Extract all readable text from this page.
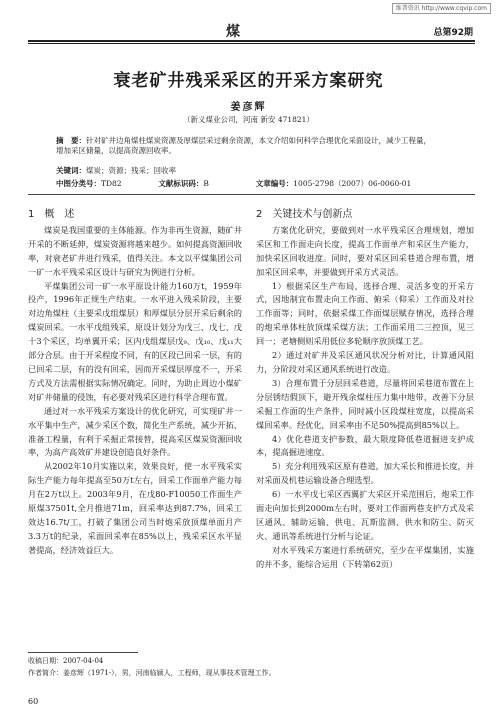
维普资讯 http://www.cqvip.com
煤	总第92期
衰老矿井残采采区的开采方案研究
姜彦辉
（新义煤业公司，河南 新安 471821）
摘　要：针对矿井边角煤柱煤炭资源及厚煤层采过剩余资源，本文介绍如何科学合理优化采面设计，减少工程量，增加采区储量，以提高资源回收率。
关键词：煤炭；资源；残采；回收率
中图分类号：TD82	文献标识码：B	文章编号：1005-2798（2007）06-0060-01
1　概　述

煤炭是我国重要的主体能源。作为非再生资源，随矿井开采的不断延伸，煤炭资源将越来越少。如何提高资源回收率，对衰老矿井进行残采，值得关注。本文以平煤集团公司一矿一水平残采采区设计与研究为例进行分析。

平煤集团公司一矿一水平原设计能力160万t，1959年投产，1996年正规生产结束。一水平进入残采阶段，主要对边角煤柱（主要采戊组煤层）和厚煤层分层开采后剩余的煤炭回采。一水平戊组残采，原设计划分为戊三、戊七、戊十3个采区，均单翼开采；区内戊组煤层戊₉、戊₁₀、戊₁₁大部分合层。由于开采程度不同，有的区段已回采一层，有的已回采二层，有的没有回采，因而开采煤层厚度不一，开采方式及方法需根据实际情况确定。同时，为助止周边小煤矿对矿井储量的侵蚀，有必要对残采区进行科学合理布置。

通过对一水平残采方案设计的优化研究，可实现矿井一水平集中生产，减少采区个数，简化生产系统，减少开拓、准备工程量，有利于采掘正常接替，提高采区煤炭资源回收率，为高产高效矿井建设创造良好条件。

从2002年10月实施以来，效果良好，使一水平残采实际生产能力每年提高至50万t左右，回采工作面单产能力每月在2万t以上。2003年9月，在戊80-F10050工作面生产原煤37501t,全月推进71m，回采率达到87.7%，回采工效达16.7t/工，打破了集团公司当时炮采放顶煤单面月产3.3万t的纪录，采面回采率在85%以上，残采采区水平显著提高，经济效益巨大。

2　关键技术与创新点

方案优化研究，要做到对一水平残采区合理规划，增加采区和工作面走向长度，提高工作面单产和采区生产能力，加快采区回收进度。同时，要对采区回采巷道合理布置，增加采区回采率，并要做到开采方式灵活。

1）根据采区生产布局，选择合理、灵活多变的开采方式，因地制宜布置走向工作面、俯采（仰采）工作面及对拉工作面等；同时，依据采煤工作面煤层赋存情况，选择合理的炮采单体柱放顶煤采煤方法；工作面采用二三控顶，见三回一；老塘侧则采用低位多轮顺序放顶煤工艺。

2）通过对矿井及采区通风状况分析对比，计算通风阻力，分阶段对采区通风系统进行改造。

3）合理布置于分层回采巷道，尽量将回采巷道布置在上分层锈结假顶下，避开残余煤柱压力集中地带，改善下分层采掘工作面的生产条件，同时减小区段煤柱宽度，以提高采煤回采率。经优化，回采率由不足50%提高到85%以上。

4）优化巷道支护参数，最大限度降低巷道掘进支护成本，提高掘进速度。

5）充分利用残采区原有巷道，加大采长和推进长度，并对采面及机巷运输设备合理选型。

6）一水平戊七采区西翼扩大采区开采范围后，炮采工作面走向加长到2000m左右时，要对工作面两巷支护方式及采区通风、辅助运输、供电、瓦斯监测、供水和防尘、防灭火、通讯等系统进行分析与论证。

对水平残采方案进行系统研究，至少在平煤集团，实施的并不多，能综合运用（下转第62页）

收稿日期：2007-04-04
作者简介：姜彦辉（1971-），男，河南临颍人，工程师，现从事技术管理工作。
60
